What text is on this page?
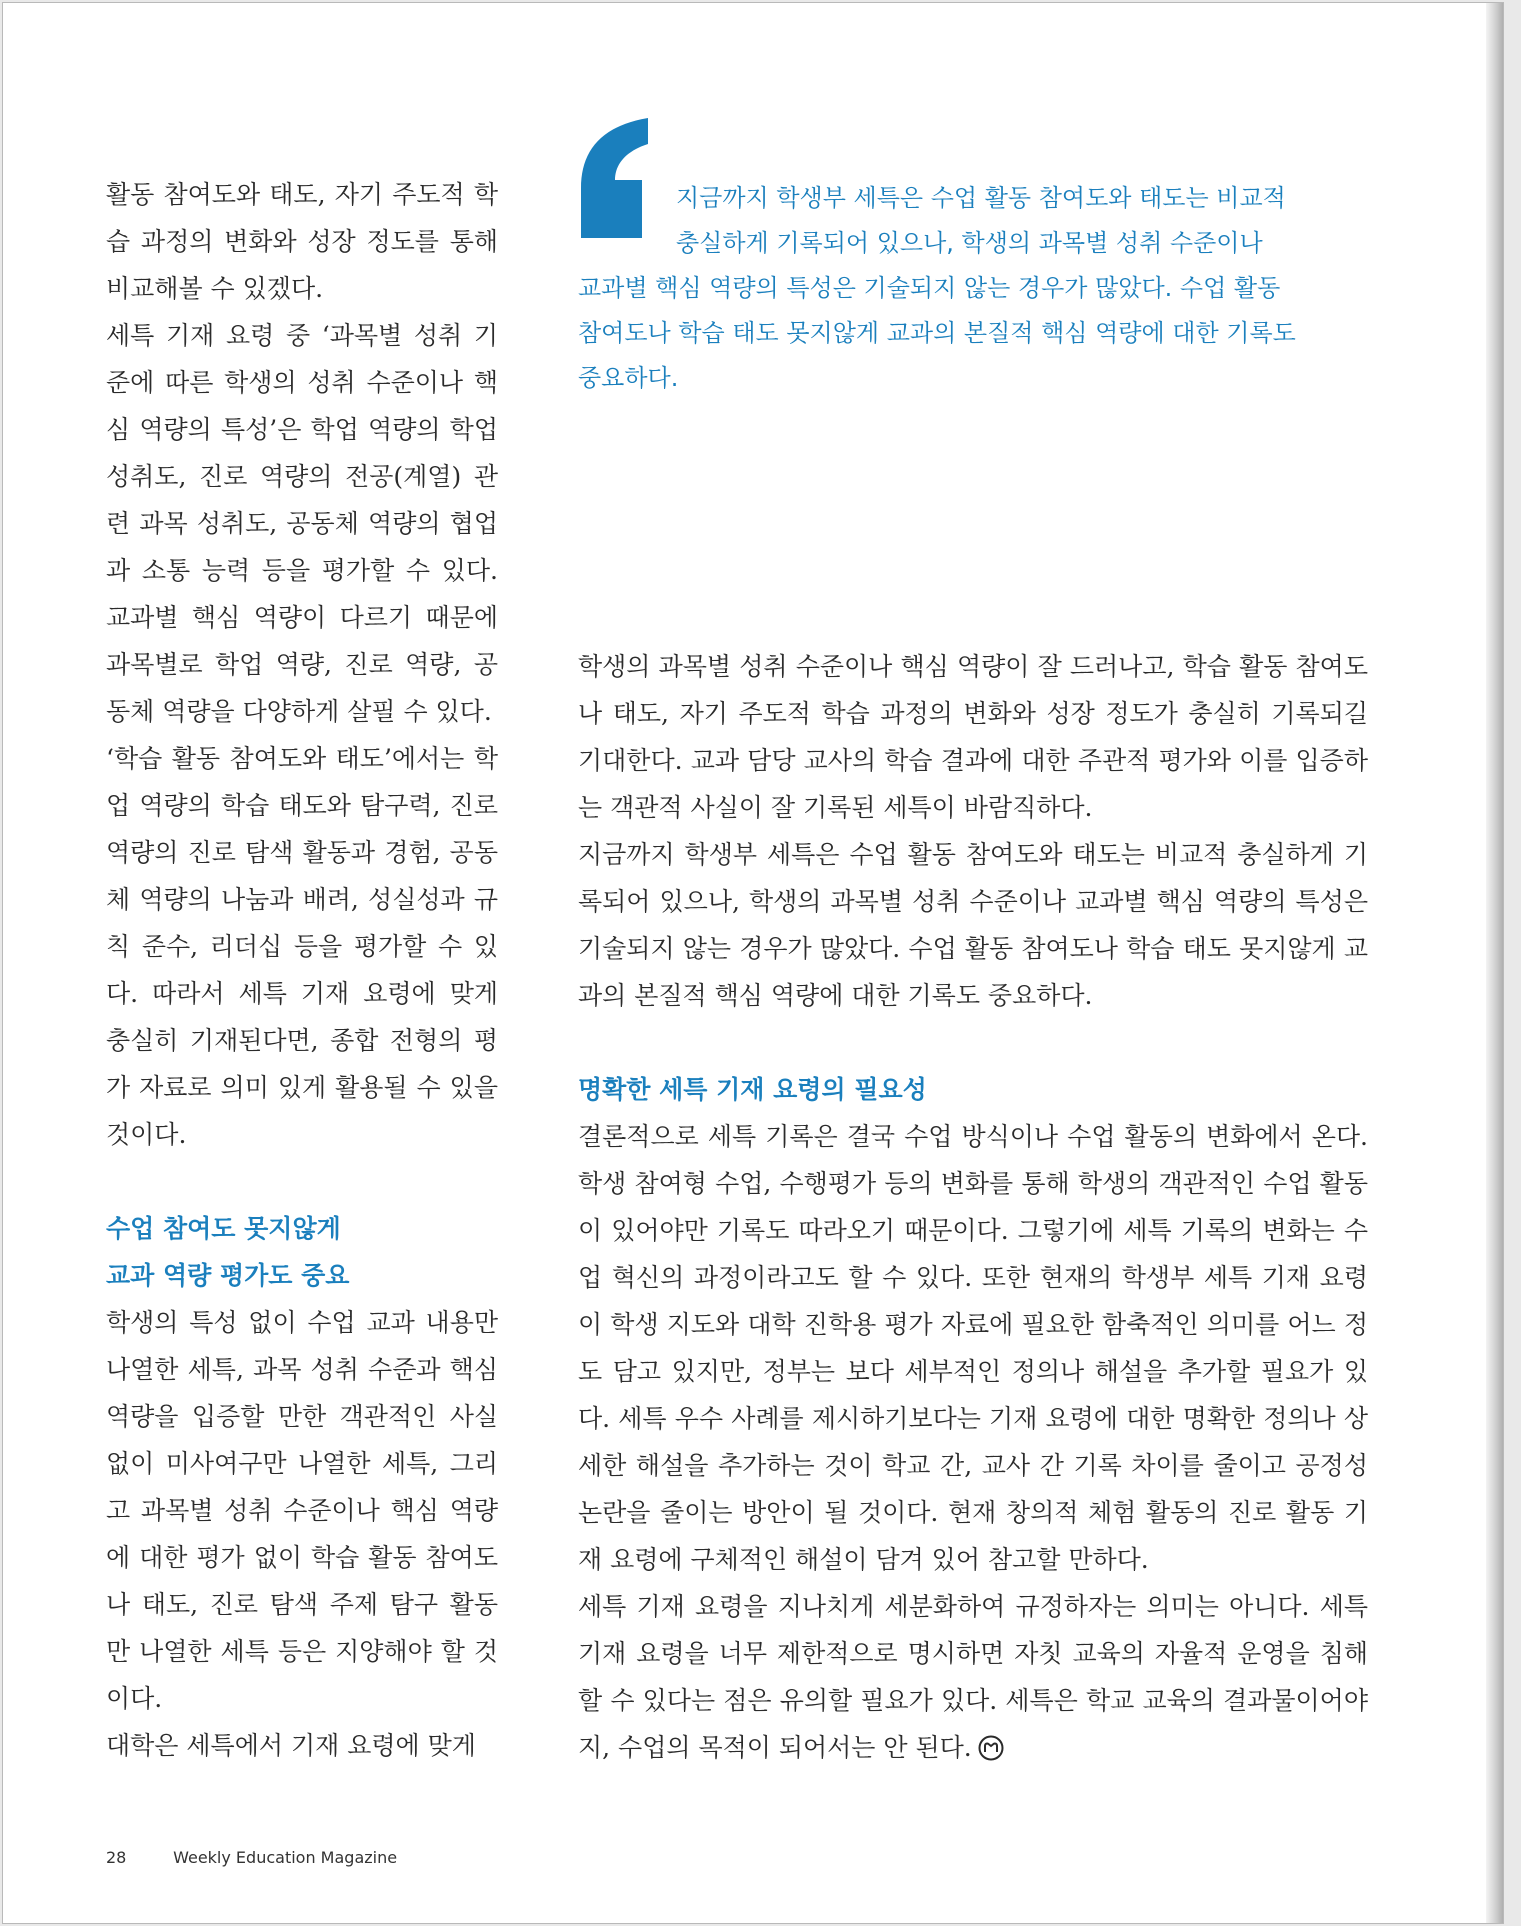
지금까지 학생부 세특은 수업 활동 참여도와 태도는 비교적
충실하게 기록되어 있으나, 학생의 과목별 성취 수준이나
교과별 핵심 역량의 특성은 기술되지 않는 경우가 많았다. 수업 활동
참여도나 학습 태도 못지않게 교과의 본질적 핵심 역량에 대한 기록도
중요하다.

활동 참여도와 태도, 자기 주도적 학습 과정의 변화와 성장 정도를 통해 비교해볼 수 있겠다.

세특 기재 요령 중 ‘과목별 성취 기준에 따른 학생의 성취 수준이나 핵심 역량의 특성’은 학업 역량의 학업 성취도, 진로 역량의 전공(계열) 관련 과목 성취도, 공동체 역량의 협업과 소통 능력 등을 평가할 수 있다. 교과별 핵심 역량이 다르기 때문에 과목별로 학업 역량, 진로 역량, 공동체 역량을 다양하게 살필 수 있다.

‘학습 활동 참여도와 태도’에서는 학업 역량의 학습 태도와 탐구력, 진로 역량의 진로 탐색 활동과 경험, 공동체 역량의 나눔과 배려, 성실성과 규칙 준수, 리더십 등을 평가할 수 있다. 따라서 세특 기재 요령에 맞게 충실히 기재된다면, 종합 전형의 평가 자료로 의미 있게 활용될 수 있을 것이다.

수업 참여도 못지않게

교과 역량 평가도 중요

학생의 특성 없이 수업 교과 내용만 나열한 세특, 과목 성취 수준과 핵심 역량을 입증할 만한 객관적인 사실 없이 미사여구만 나열한 세특, 그리고 과목별 성취 수준이나 핵심 역량에 대한 평가 없이 학습 활동 참여도나 태도, 진로 탐색 주제 탐구 활동만 나열한 세특 등은 지양해야 할 것이다.

대학은 세특에서 기재 요령에 맞게

학생의 과목별 성취 수준이나 핵심 역량이 잘 드러나고, 학습 활동 참여도나 태도, 자기 주도적 학습 과정의 변화와 성장 정도가 충실히 기록되길 기대한다. 교과 담당 교사의 학습 결과에 대한 주관적 평가와 이를 입증하는 객관적 사실이 잘 기록된 세특이 바람직하다.

지금까지 학생부 세특은 수업 활동 참여도와 태도는 비교적 충실하게 기록되어 있으나, 학생의 과목별 성취 수준이나 교과별 핵심 역량의 특성은 기술되지 않는 경우가 많았다. 수업 활동 참여도나 학습 태도 못지않게 교과의 본질적 핵심 역량에 대한 기록도 중요하다.

명확한 세특 기재 요령의 필요성

결론적으로 세특 기록은 결국 수업 방식이나 수업 활동의 변화에서 온다. 학생 참여형 수업, 수행평가 등의 변화를 통해 학생의 객관적인 수업 활동이 있어야만 기록도 따라오기 때문이다. 그렇기에 세특 기록의 변화는 수업 혁신의 과정이라고도 할 수 있다. 또한 현재의 학생부 세특 기재 요령이 학생 지도와 대학 진학용 평가 자료에 필요한 함축적인 의미를 어느 정도 담고 있지만, 정부는 보다 세부적인 정의나 해설을 추가할 필요가 있다. 세특 우수 사례를 제시하기보다는 기재 요령에 대한 명확한 정의나 상세한 해설을 추가하는 것이 학교 간, 교사 간 기록 차이를 줄이고 공정성 논란을 줄이는 방안이 될 것이다. 현재 창의적 체험 활동의 진로 활동 기재 요령에 구체적인 해설이 담겨 있어 참고할 만하다.

세특 기재 요령을 지나치게 세분화하여 규정하자는 의미는 아니다. 세특 기재 요령을 너무 제한적으로 명시하면 자칫 교육의 자율적 운영을 침해할 수 있다는 점은 유의할 필요가 있다. 세특은 학교 교육의 결과물이어야지, 수업의 목적이 되어서는 안 된다.

28	Weekly Education Magazine
